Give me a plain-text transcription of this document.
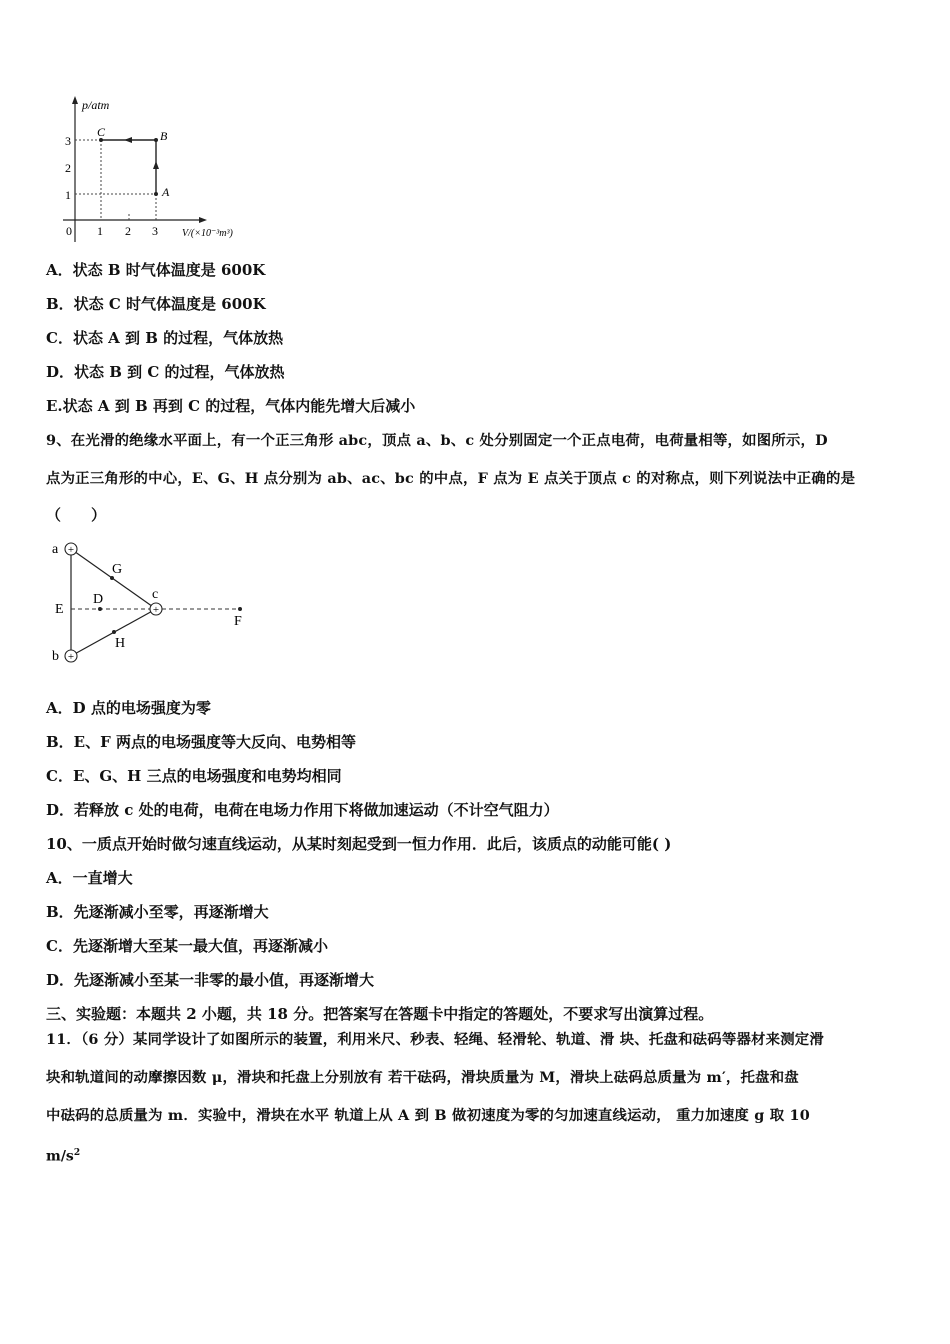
p/atm
3
2
1
0 1 2 3 V/(×10⁻³m³)
C	B
A
A．状态 B 时气体温度是 600K
B．状态 C 时气体温度是 600K
C．状态 A 到 B 的过程，气体放热
D．状态 B 到 C 的过程，气体放热
E.状态 A 到 B 再到 C 的过程，气体内能先增大后减小
9、在光滑的绝缘水平面上，有一个正三角形 abc，顶点 a、b、c 处分别固定一个正点电荷，电荷量相等，如图所示，D
点为正三角形的中心，E、G、H 点分别为 ab、ac、bc 的中点，F 点为 E 点关于顶点 c 的对称点，则下列说法中正确的是
（　　）
+
+
+
a
b
c
E
D
G
H
F
A．D 点的电场强度为零
B．E、F 两点的电场强度等大反向、电势相等
C．E、G、H 三点的电场强度和电势均相同
D．若释放 c 处的电荷，电荷在电场力作用下将做加速运动（不计空气阻力）
10、一质点开始时做匀速直线运动，从某时刻起受到一恒力作用．此后，该质点的动能可能( )
A．一直增大
B．先逐渐减小至零，再逐渐增大
C．先逐渐增大至某一最大值，再逐渐减小
D．先逐渐减小至某一非零的最小值，再逐渐增大
三、实验题：本题共 2 小题，共 18 分。把答案写在答题卡中指定的答题处，不要求写出演算过程。
11．（6 分）某同学设计了如图所示的装置，利用米尺、秒表、轻绳、轻滑轮、轨道、滑 块、托盘和砝码等器材来测定滑
块和轨道间的动摩擦因数 μ，滑块和托盘上分别放有 若干砝码，滑块质量为 M，滑块上砝码总质量为 m′，托盘和盘
中砝码的总质量为 m．实验中，滑块在水平 轨道上从 A 到 B 做初速度为零的匀加速直线运动， 重力加速度 g 取 10
$m/s^2$
